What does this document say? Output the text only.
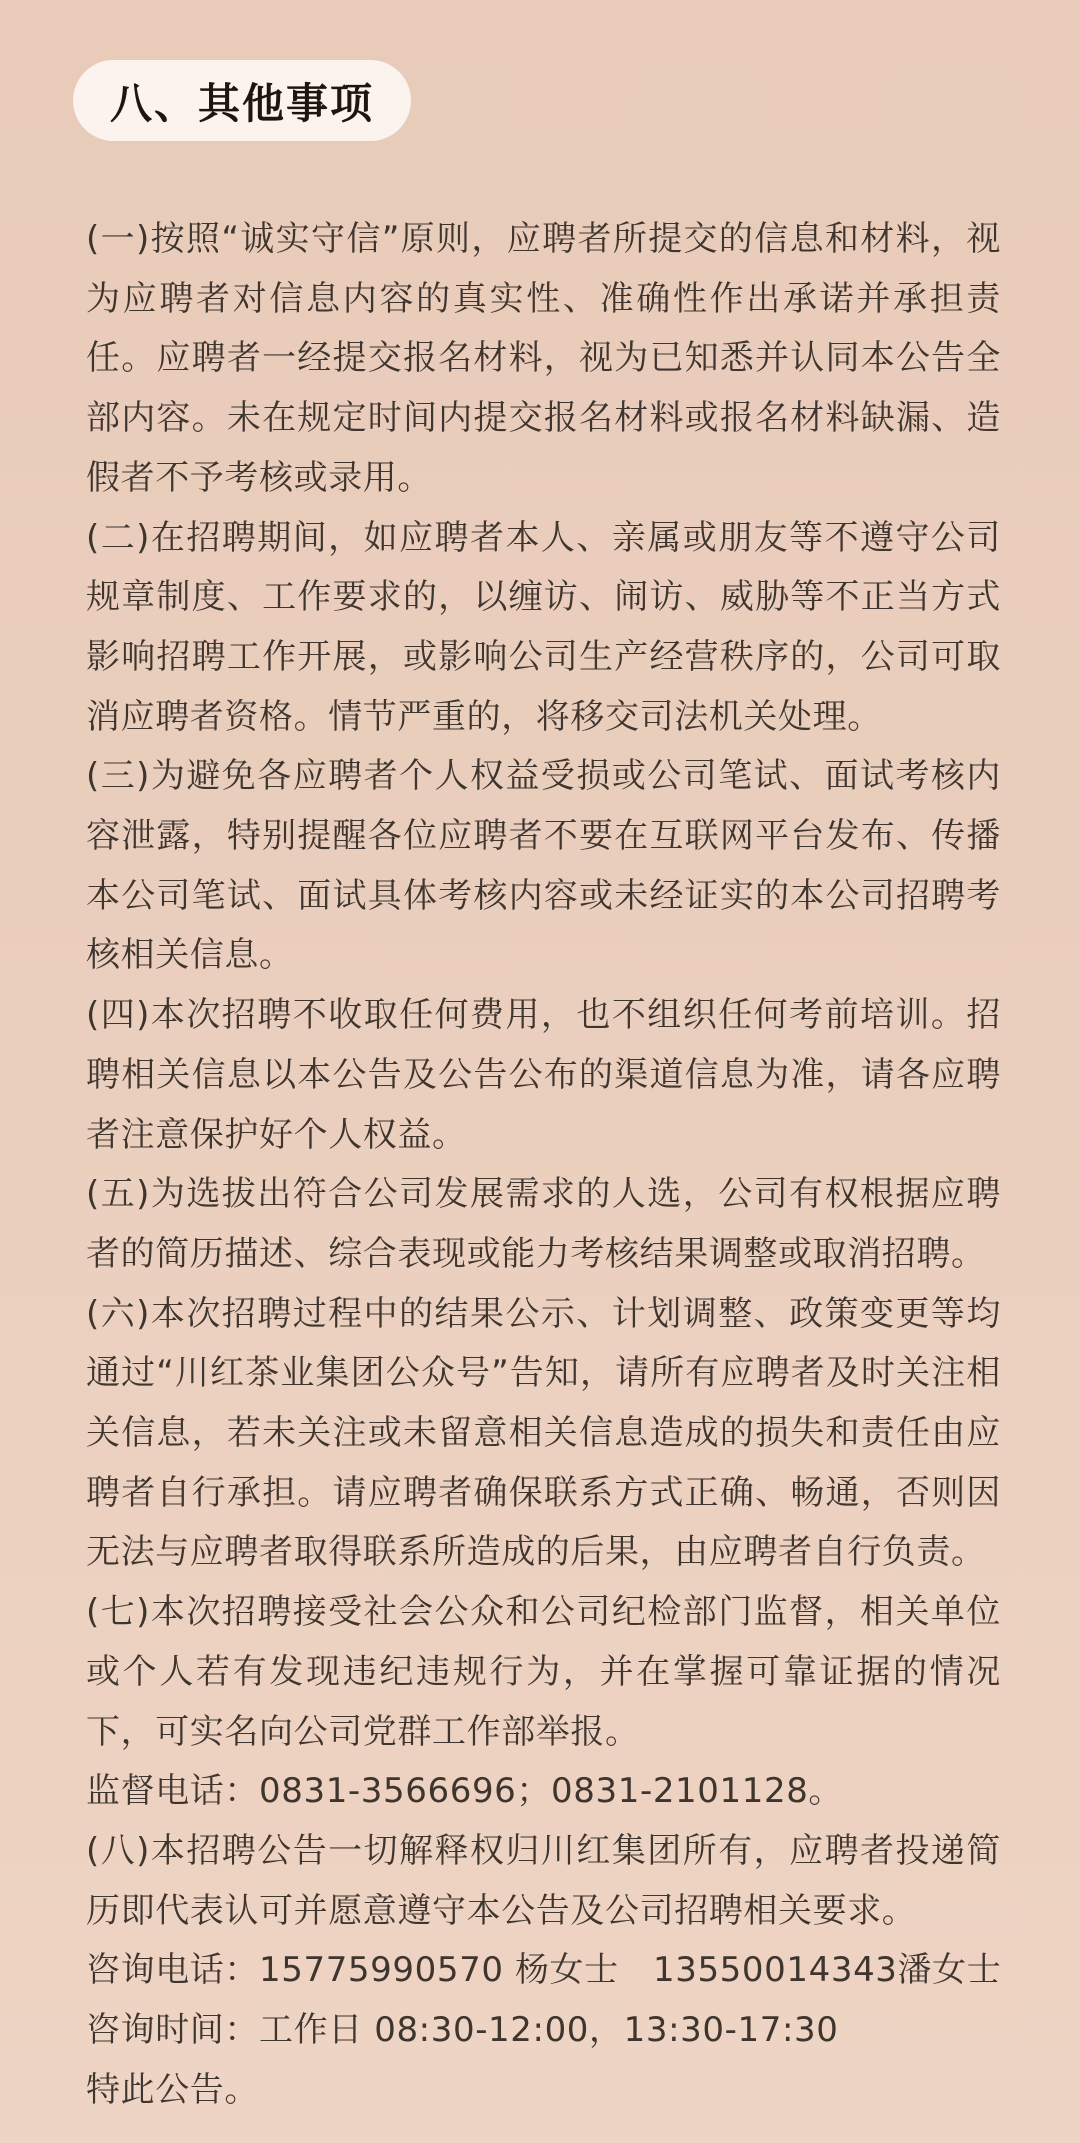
八、其他事项

(一)按照“诚实守信”原则，应聘者所提交的信息和材料，视为应聘者对信息内容的真实性、准确性作出承诺并承担责任。应聘者一经提交报名材料，视为已知悉并认同本公告全部内容。未在规定时间内提交报名材料或报名材料缺漏、造假者不予考核或录用。

(二)在招聘期间，如应聘者本人、亲属或朋友等不遵守公司规章制度、工作要求的，以缠访、闹访、威胁等不正当方式影响招聘工作开展，或影响公司生产经营秩序的，公司可取消应聘者资格。情节严重的，将移交司法机关处理。

(三)为避免各应聘者个人权益受损或公司笔试、面试考核内容泄露，特别提醒各位应聘者不要在互联网平台发布、传播本公司笔试、面试具体考核内容或未经证实的本公司招聘考核相关信息。

(四)本次招聘不收取任何费用，也不组织任何考前培训。招聘相关信息以本公告及公告公布的渠道信息为准，请各应聘者注意保护好个人权益。

(五)为选拔出符合公司发展需求的人选，公司有权根据应聘者的简历描述、综合表现或能力考核结果调整或取消招聘。

(六)本次招聘过程中的结果公示、计划调整、政策变更等均通过“川红茶业集团公众号”告知，请所有应聘者及时关注相关信息，若未关注或未留意相关信息造成的损失和责任由应聘者自行承担。请应聘者确保联系方式正确、畅通，否则因无法与应聘者取得联系所造成的后果，由应聘者自行负责。

(七)本次招聘接受社会公众和公司纪检部门监督，相关单位或个人若有发现违纪违规行为，并在掌握可靠证据的情况下，可实名向公司党群工作部举报。

监督电话：0831-3566696；0831-2101128。

(八)本招聘公告一切解释权归川红集团所有，应聘者投递简历即代表认可并愿意遵守本公告及公司招聘相关要求。

咨询电话：15775990570 杨女士   13550014343潘女士

咨询时间：工作日 08:30-12:00，13:30-17:30

特此公告。
